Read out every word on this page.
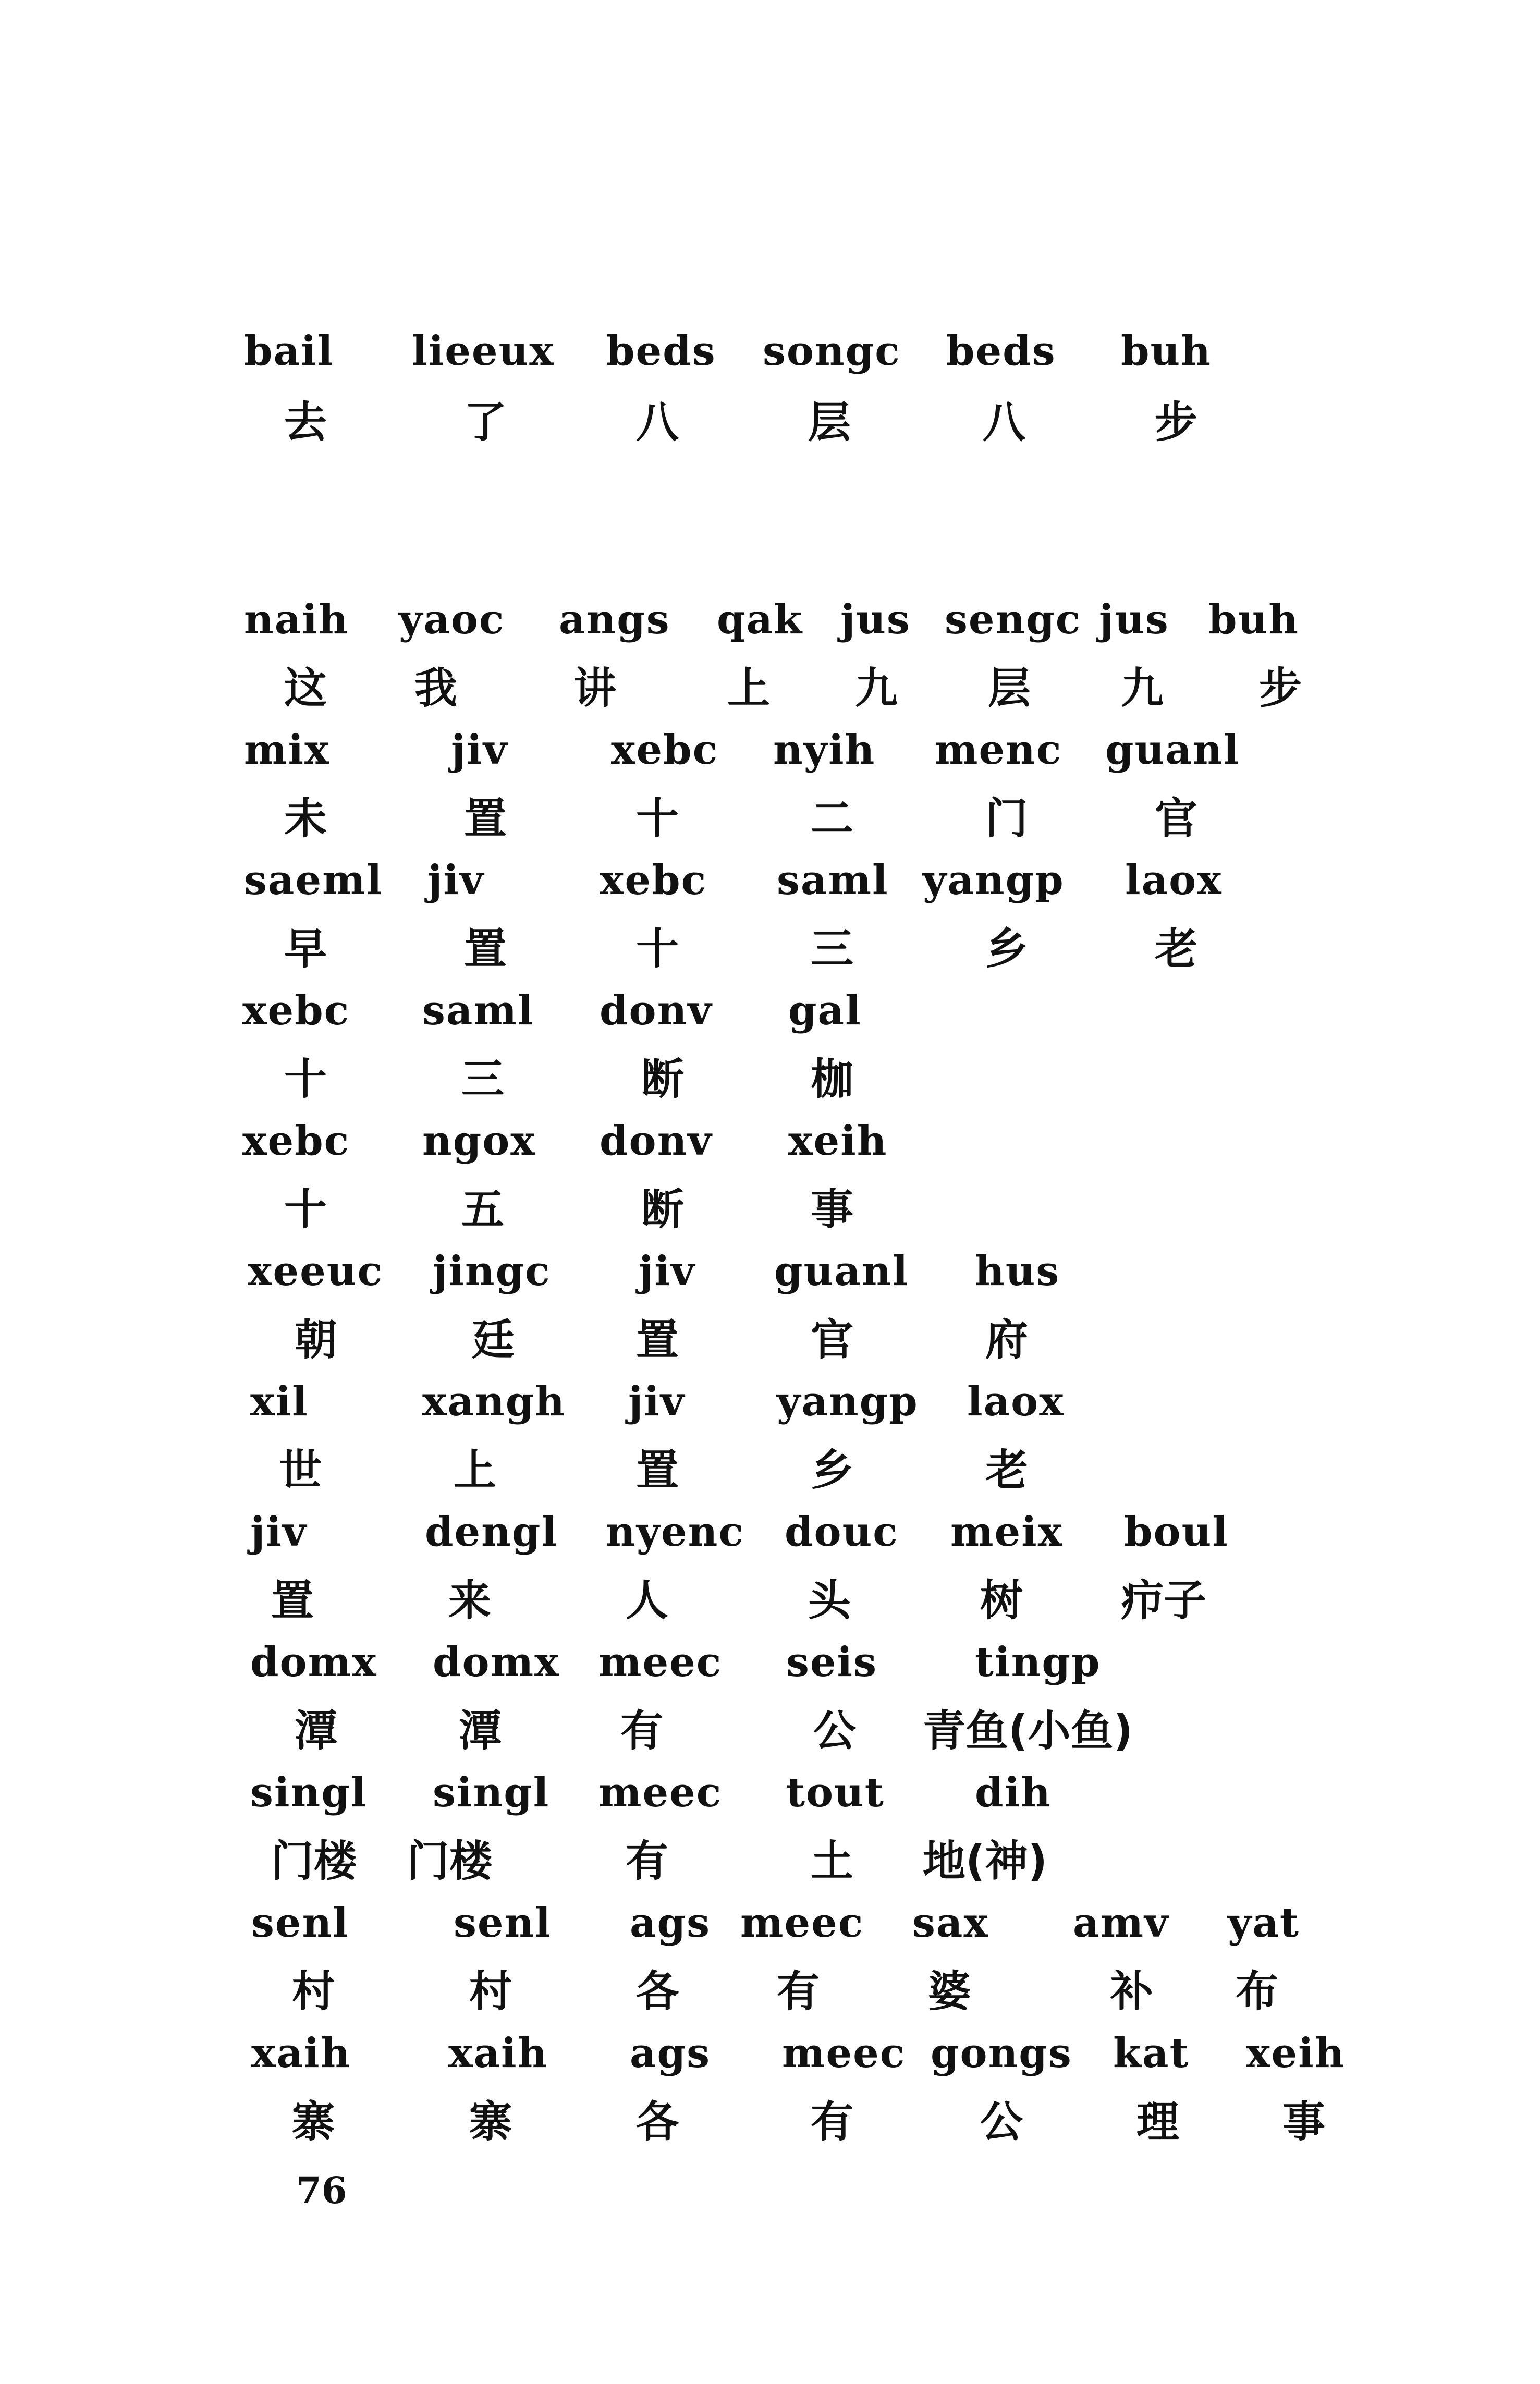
bail lieeux beds songc beds buh
去	了	八	层	八	步
naih yaoc angs qak jus sengc jus buh
这 我	讲	上 九 层 九 步
mix	jiv	xebc nyih menc guanl
未	置	十	二	门	官
saeml jiv	xebc saml yangp laox
早	置	十	三	乡	老
xebc saml donv gal
十	三	断	枷
xebc ngox donv xeih
十	五	断	事
xeeuc jingc jiv guanl hus
朝	廷	置	官	府
xil	xangh jiv yangp laox
世	上	置	乡	老
jiv	dengl nyenc douc meix boul
置	来	人	头	树 疖子
domx domx meec seis tingp
潭	潭	有	公 青鱼(小鱼)
singl singl meec tout dih
门楼 门楼	有	土 地(神)
senl	senl ags meec sax amv yat
村	村	各 有	婆	补 布
xaih xaih ags meec gongs kat xeih
寨	寨	各	有	公	理 事
76
